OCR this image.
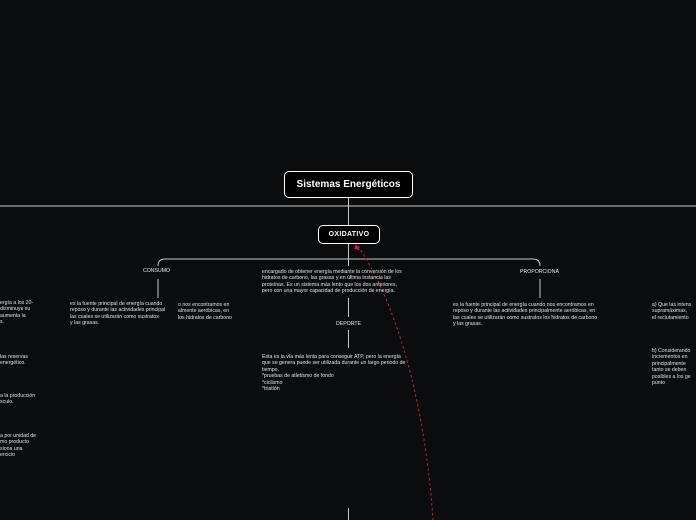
Sistemas Energéticos
OXIDATIVO
CONSUMO
es la fuente principal de energía cuando
reposo y durante las actividades principal
las cuales se utilizarán como sustratos
y las grasas.
encargado de obtener energía mediante la conversión de los
hidratos de carbono, las grasas y en última instancia las
proteínas. Es un sistema más lento que los dos anteriores,
pero con una mayor capacidad de producción de energía.
o nos encontramos en
almente aeróbicas, en
los hidratos de carbono
DEPORTE
Esta es la vía más lenta para conseguir ATP, pero la energía
que se genera puede ser utilizada durante un largo periodo de
tiempo.
*pruebas de atletismo de fondo
*ciclismo
*triatlón
PROPORCIONA
es la fuente principal de energía cuando nos encontramos en
reposo y durante las actividades principalmente aeróbicas, en
las cuales se utilizarán como sustratos los hidratos de carbono
y las grasas.
ergía a los 20-
disminuye su
aumenta la
s.
las reservas
energético.
a la producción
sculo.
a por unidad de
mo producto
siona una
ercicio
a) Que las intens
supramáximas,
el reclutamiento
b) Considerando
incrementos en
principalmente
tanto se deben
posibles a los ge
punto
